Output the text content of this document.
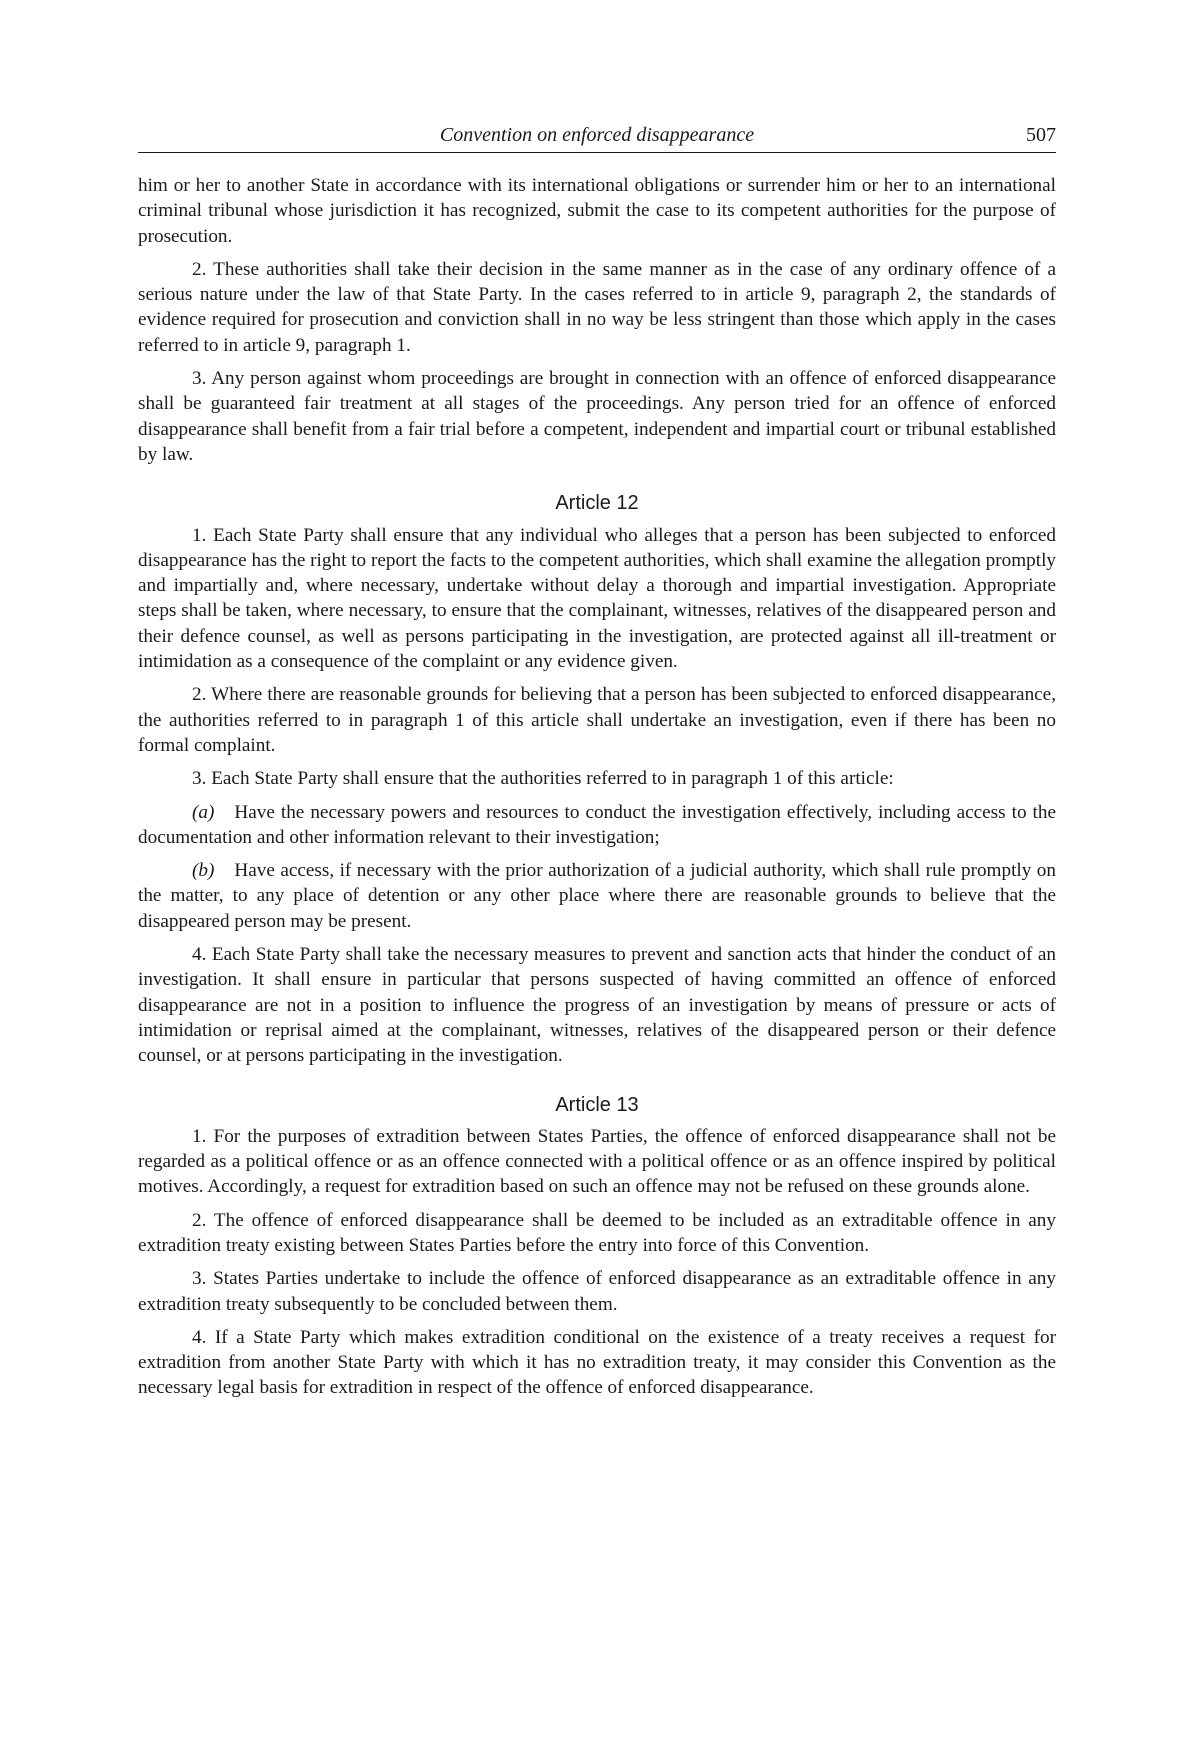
Convention on enforced disappearance	507

him or her to another State in accordance with its international obligations or surrender him or her to an international criminal tribunal whose jurisdiction it has recognized, submit the case to its competent authorities for the purpose of prosecution.

2. These authorities shall take their decision in the same manner as in the case of any ordinary offence of a serious nature under the law of that State Party. In the cases referred to in article 9, paragraph 2, the standards of evidence required for prosecution and conviction shall in no way be less stringent than those which apply in the cases referred to in article 9, paragraph 1.

3. Any person against whom proceedings are brought in connection with an offence of enforced disappearance shall be guaranteed fair treatment at all stages of the proceedings. Any person tried for an offence of enforced disappearance shall benefit from a fair trial before a competent, independent and impartial court or tribunal established by law.

Article 12

1. Each State Party shall ensure that any individual who alleges that a person has been subjected to enforced disappearance has the right to report the facts to the competent authorities, which shall examine the allegation promptly and impartially and, where necessary, undertake without delay a thorough and impartial investigation. Appropriate steps shall be taken, where necessary, to ensure that the complainant, witnesses, relatives of the disappeared person and their defence counsel, as well as persons participating in the investigation, are protected against all ill-treatment or intimidation as a consequence of the complaint or any evidence given.

2. Where there are reasonable grounds for believing that a person has been subjected to enforced disappearance, the authorities referred to in paragraph 1 of this article shall undertake an investigation, even if there has been no formal complaint.

3. Each State Party shall ensure that the authorities referred to in paragraph 1 of this article:

(a) Have the necessary powers and resources to conduct the investigation effectively, including access to the documentation and other information relevant to their investigation;

(b) Have access, if necessary with the prior authorization of a judicial authority, which shall rule promptly on the matter, to any place of detention or any other place where there are reasonable grounds to believe that the disappeared person may be present.

4. Each State Party shall take the necessary measures to prevent and sanction acts that hinder the conduct of an investigation. It shall ensure in particular that persons suspected of having committed an offence of enforced disappearance are not in a position to influence the progress of an investigation by means of pressure or acts of intimidation or reprisal aimed at the complainant, witnesses, relatives of the disappeared person or their defence counsel, or at persons participating in the investigation.

Article 13

1. For the purposes of extradition between States Parties, the offence of enforced disappearance shall not be regarded as a political offence or as an offence connected with a political offence or as an offence inspired by political motives. Accordingly, a request for extradition based on such an offence may not be refused on these grounds alone.

2. The offence of enforced disappearance shall be deemed to be included as an extraditable offence in any extradition treaty existing between States Parties before the entry into force of this Convention.

3. States Parties undertake to include the offence of enforced disappearance as an extraditable offence in any extradition treaty subsequently to be concluded between them.

4. If a State Party which makes extradition conditional on the existence of a treaty receives a request for extradition from another State Party with which it has no extradition treaty, it may consider this Convention as the necessary legal basis for extradition in respect of the offence of enforced disappearance.
